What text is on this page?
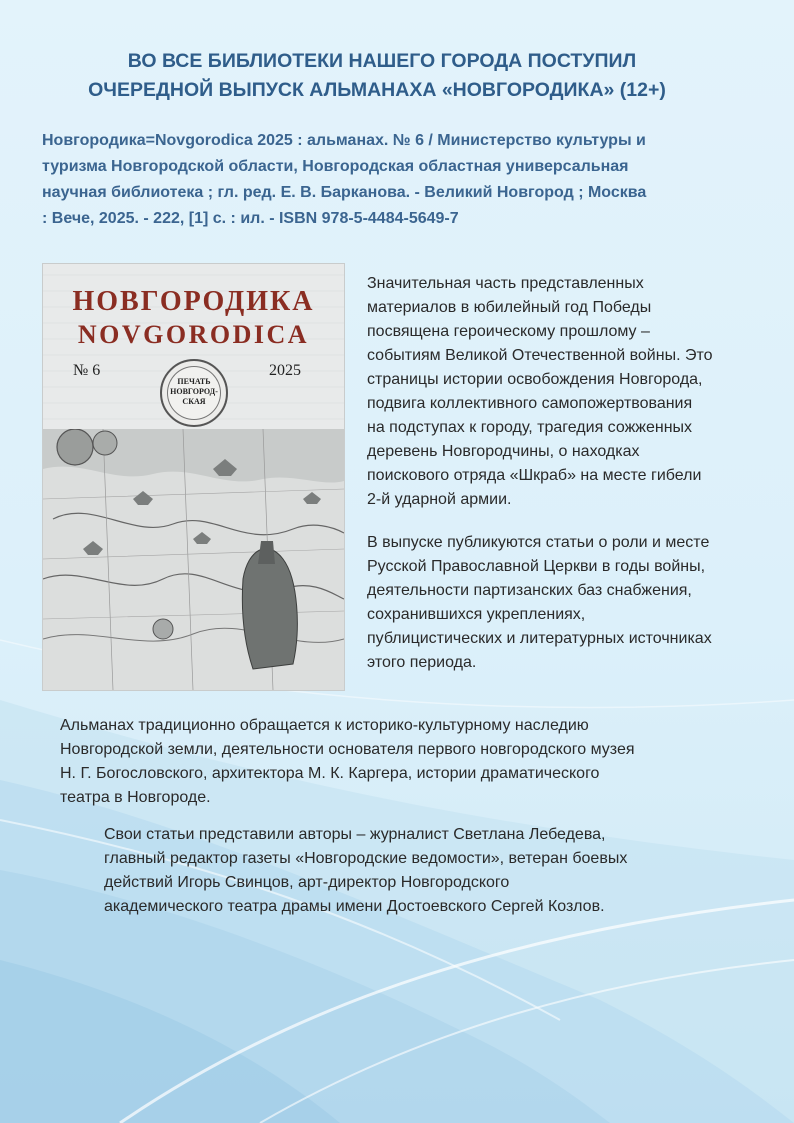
ВО ВСЕ БИБЛИОТЕКИ НАШЕГО ГОРОДА ПОСТУПИЛ
ОЧЕРЕДНОЙ ВЫПУСК АЛЬМАНАХА «НОВГОРОДИКА» (12+)
Новгородика=Novgorodica 2025 : альманах. № 6 / Министерство культуры и
туризма Новгородской области, Новгородская областная универсальная
научная библиотека ; гл. ред. Е. В. Барканова. - Великий Новгород ; Москва
: Вече, 2025. - 222, [1] с. : ил. - ISBN 978-5-4484-5649-7
НОВГОРОДИКА
NOVGORODICA
№ 6	2025
ПЕЧАТЬ
НОВГОРОД-
СКАЯ
Значительная часть представленных
материалов в юбилейный год Победы
посвящена героическому прошлому –
событиям Великой Отечественной войны. Это
страницы истории освобождения Новгорода,
подвига коллективного самопожертвования
на подступах к городу, трагедия сожженных
деревень Новгородчины, о находках
поискового отряда «Шкраб» на месте гибели
2-й ударной армии.
В выпуске публикуются статьи о роли и месте
Русской Православной Церкви в годы войны,
деятельности партизанских баз снабжения,
сохранившихся укреплениях,
публицистических и литературных источниках
этого периода.
Альманах традиционно обращается к историко-культурному наследию
Новгородской земли, деятельности основателя первого новгородского музея
Н. Г. Богословского, архитектора М. К. Каргера, истории драматического
театра в Новгороде.
Свои статьи представили авторы – журналист Светлана Лебедева,
главный редактор газеты «Новгородские ведомости», ветеран боевых
действий Игорь Свинцов, арт-директор Новгородского
академического театра драмы имени Достоевского Сергей Козлов.
